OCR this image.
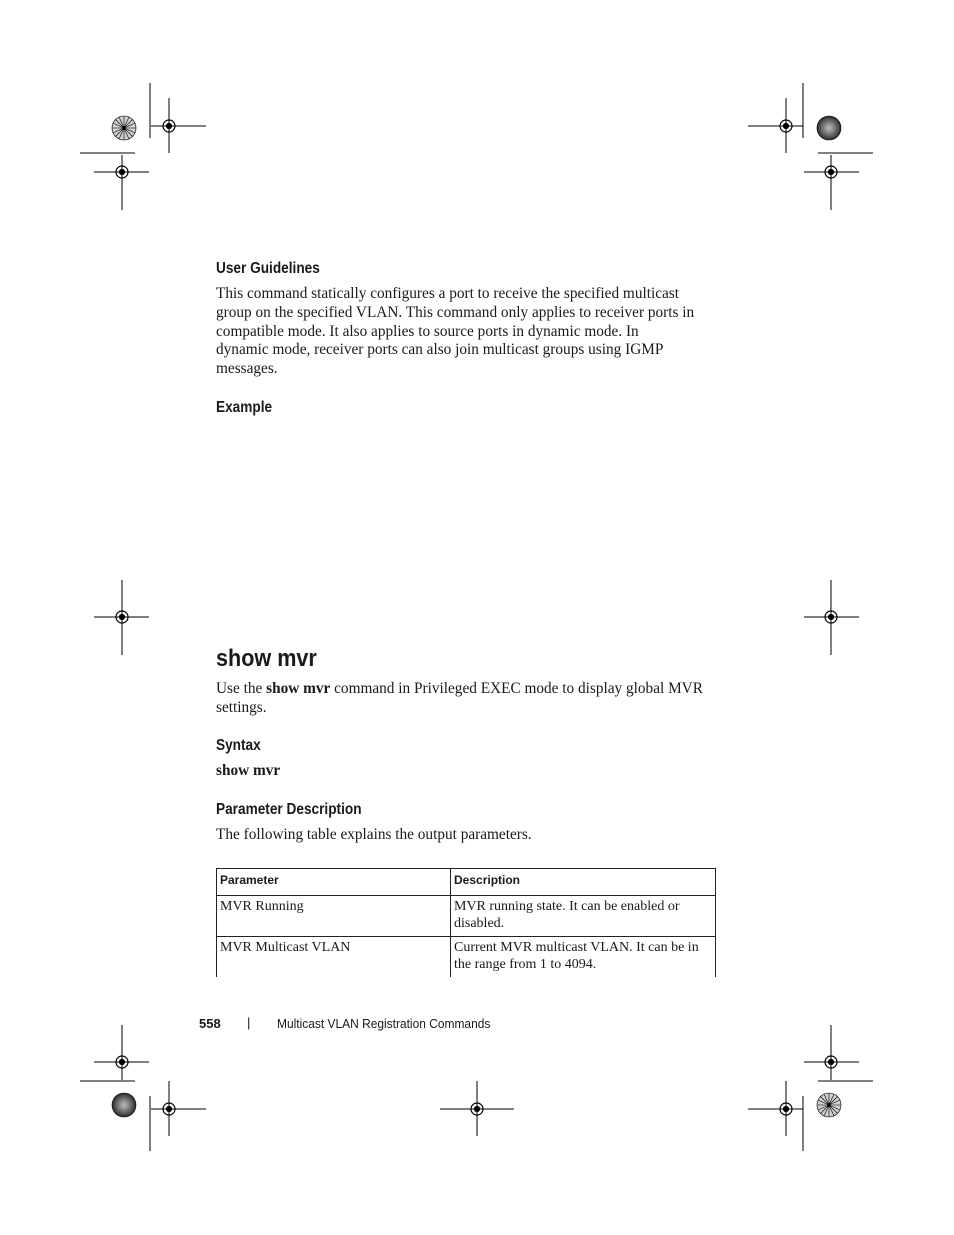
User Guidelines
This command statically configures a port to receive the specified multicast
group on the specified VLAN. This command only applies to receiver ports in
compatible mode. It also applies to source ports in dynamic mode. In
dynamic mode, receiver ports can also join multicast groups using IGMP
messages.
Example
show mvr
Use the show mvr command in Privileged EXEC mode to display global MVR
settings.
Syntax
show mvr
Parameter Description
The following table explains the output parameters.
Parameter	Description
MVR Running	MVR running state. It can be enabled or
disabled.

MVR Multicast VLAN	Current MVR multicast VLAN. It can be in
the range from 1 to 4094.
558 | Multicast VLAN Registration Commands
